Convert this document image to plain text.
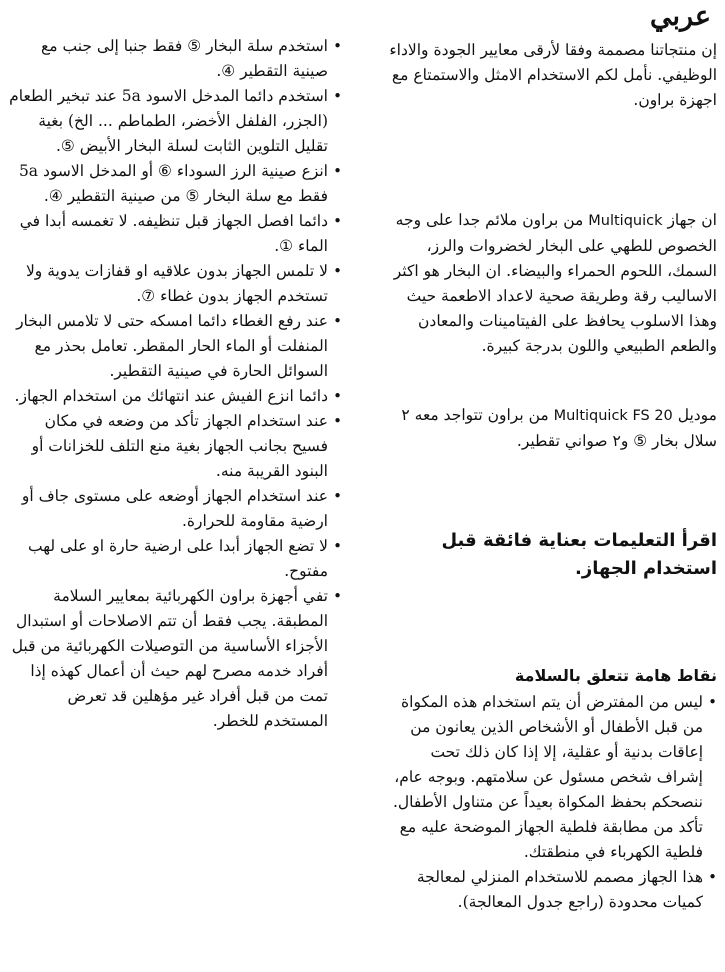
عربي

إن منتجاتنا مصممة وفقا لأرقى معايير الجودة والاداء الوظيفي. نأمل لكم الاستخدام الامثل والاستمتاع مع اجهزة براون.

ان جهاز Multiquick من براون ملائم جدا على وجه الخصوص للطهي على البخار لخضروات والرز، السمك، اللحوم الحمراء والبيضاء. ان البخار هو اكثر الاساليب رقة وطريقة صحية لاعداد الاطعمة حيث وهذا الاسلوب يحافظ على الفيتامينات والمعادن والطعم الطبيعي واللون بدرجة كبيرة.

موديل Multiquick FS 20 من براون تتواجد معه ٢ سلال بخار ⑤ و٢ صواني تقطير.

اقرأ التعليمات بعناية فائقة قبل استخدام الجهاز.

نقاط هامة تتعلق بالسلامة

• ليس من المفترض أن يتم استخدام هذه المكواة من قبل الأطفال أو الأشخاص الذين يعانون من إعاقات بدنية أو عقلية، إلا إذا كان ذلك تحت إشراف شخص مسئول عن سلامتهم. وبوجه عام، ننصحكم بحفظ المكواة بعيداً عن متناول الأطفال. تأكد من مطابقة فلطية الجهاز الموضحة عليه مع فلطية الكهرباء في منطقتك.
• هذا الجهاز مصمم للاستخدام المنزلي لمعالجة كميات محدودة (راجع جدول المعالجة).
• استخدم سلة البخار ⑤ فقط جنبا إلى جنب مع صينية التقطير ④.
• استخدم دائما المدخل الاسود 5a عند تبخير الطعام (الجزر، الفلفل الأخضر، الطماطم ... الخ) بغية تقليل التلوين الثابت لسلة البخار الأبيض ⑤.
• انزع صينية الرز السوداء ⑥ أو المدخل الاسود 5a فقط مع سلة البخار ⑤ من صينية التقطير ④.
• دائما افصل الجهاز قبل تنظيفه. لا تغمسه أبدا في الماء ①.
• لا تلمس الجهاز بدون علاقيه او قفازات يدوية ولا تستخدم الجهاز بدون غطاء ⑦.
• عند رفع الغطاء دائما امسكه حتى لا تلامس البخار المنفلت أو الماء الحار المقطر. تعامل بحذر مع السوائل الحارة في صينية التقطير.
• دائما انزع الفيش عند انتهائك من استخدام الجهاز.
• عند استخدام الجهاز تأكد من وضعه في مكان فسيح بجانب الجهاز بغية منع التلف للخزانات أو البنود القريبة منه.
• عند استخدام الجهاز أوضعه على مستوى جاف أو ارضية مقاومة للحرارة.
• لا تضع الجهاز أبدا على ارضية حارة او على لهب مفتوح.
• تفي أجهزة براون الكهربائية بمعايير السلامة المطبقة. يجب فقط أن تتم الاصلاحات أو استبدال الأجزاء الأساسية من التوصيلات الكهربائية من قبل أفراد خدمه مصرح لهم حيث أن أعمال كهذه إذا تمت من قبل أفراد غير مؤهلين قد تعرض المستخدم للخطر.
